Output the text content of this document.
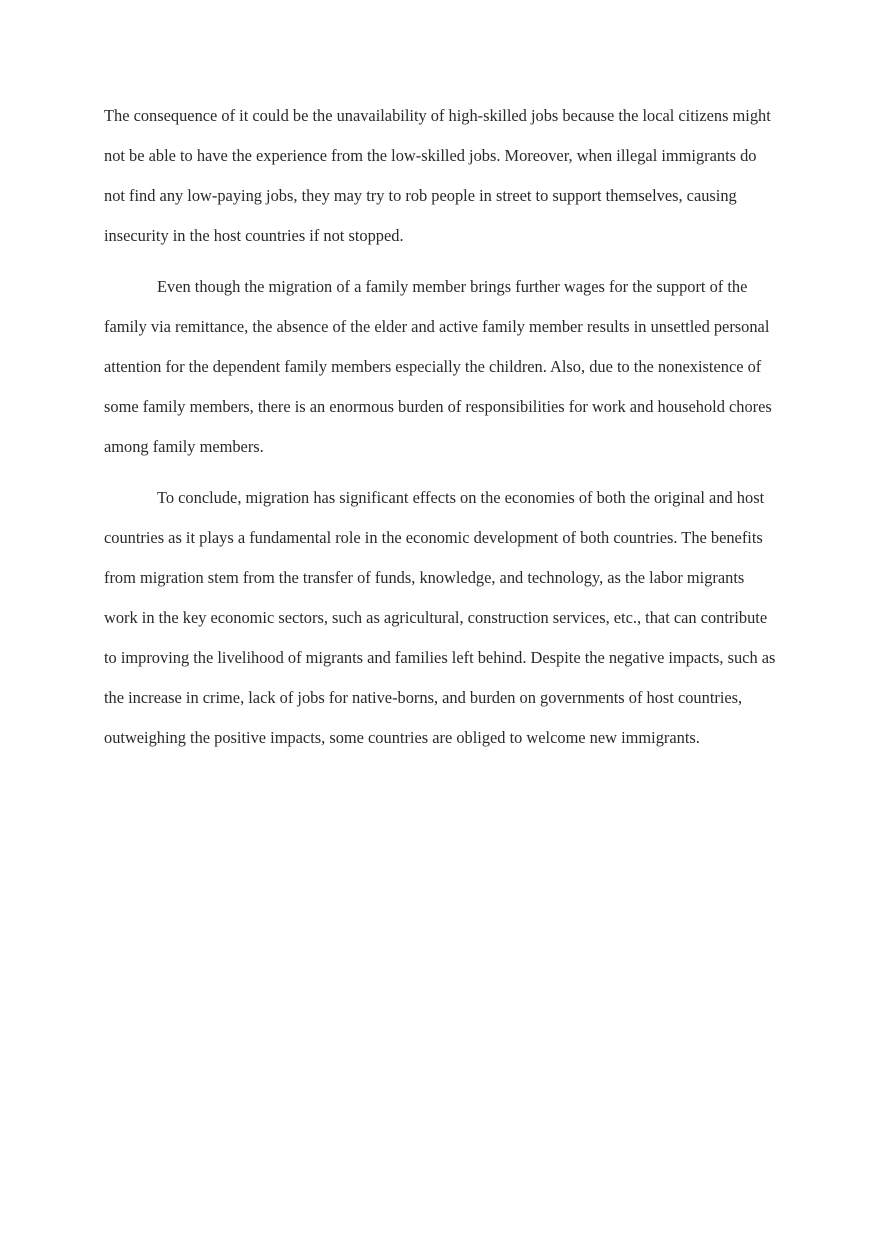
The consequence of it could be the unavailability of high-skilled jobs because the local citizens might not be able to have the experience from the low-skilled jobs. Moreover, when illegal immigrants do not find any low-paying jobs, they may try to rob people in street to support themselves, causing insecurity in the host countries if not stopped.

Even though the migration of a family member brings further wages for the support of the family via remittance, the absence of the elder and active family member results in unsettled personal attention for the dependent family members especially the children. Also, due to the nonexistence of some family members, there is an enormous burden of responsibilities for work and household chores among family members.

To conclude, migration has significant effects on the economies of both the original and host countries as it plays a fundamental role in the economic development of both countries. The benefits from migration stem from the transfer of funds, knowledge, and technology, as the labor migrants work in the key economic sectors, such as agricultural, construction services, etc., that can contribute to improving the livelihood of migrants and families left behind. Despite the negative impacts, such as the increase in crime, lack of jobs for native-borns, and burden on governments of host countries, outweighing the positive impacts, some countries are obliged to welcome new immigrants.
